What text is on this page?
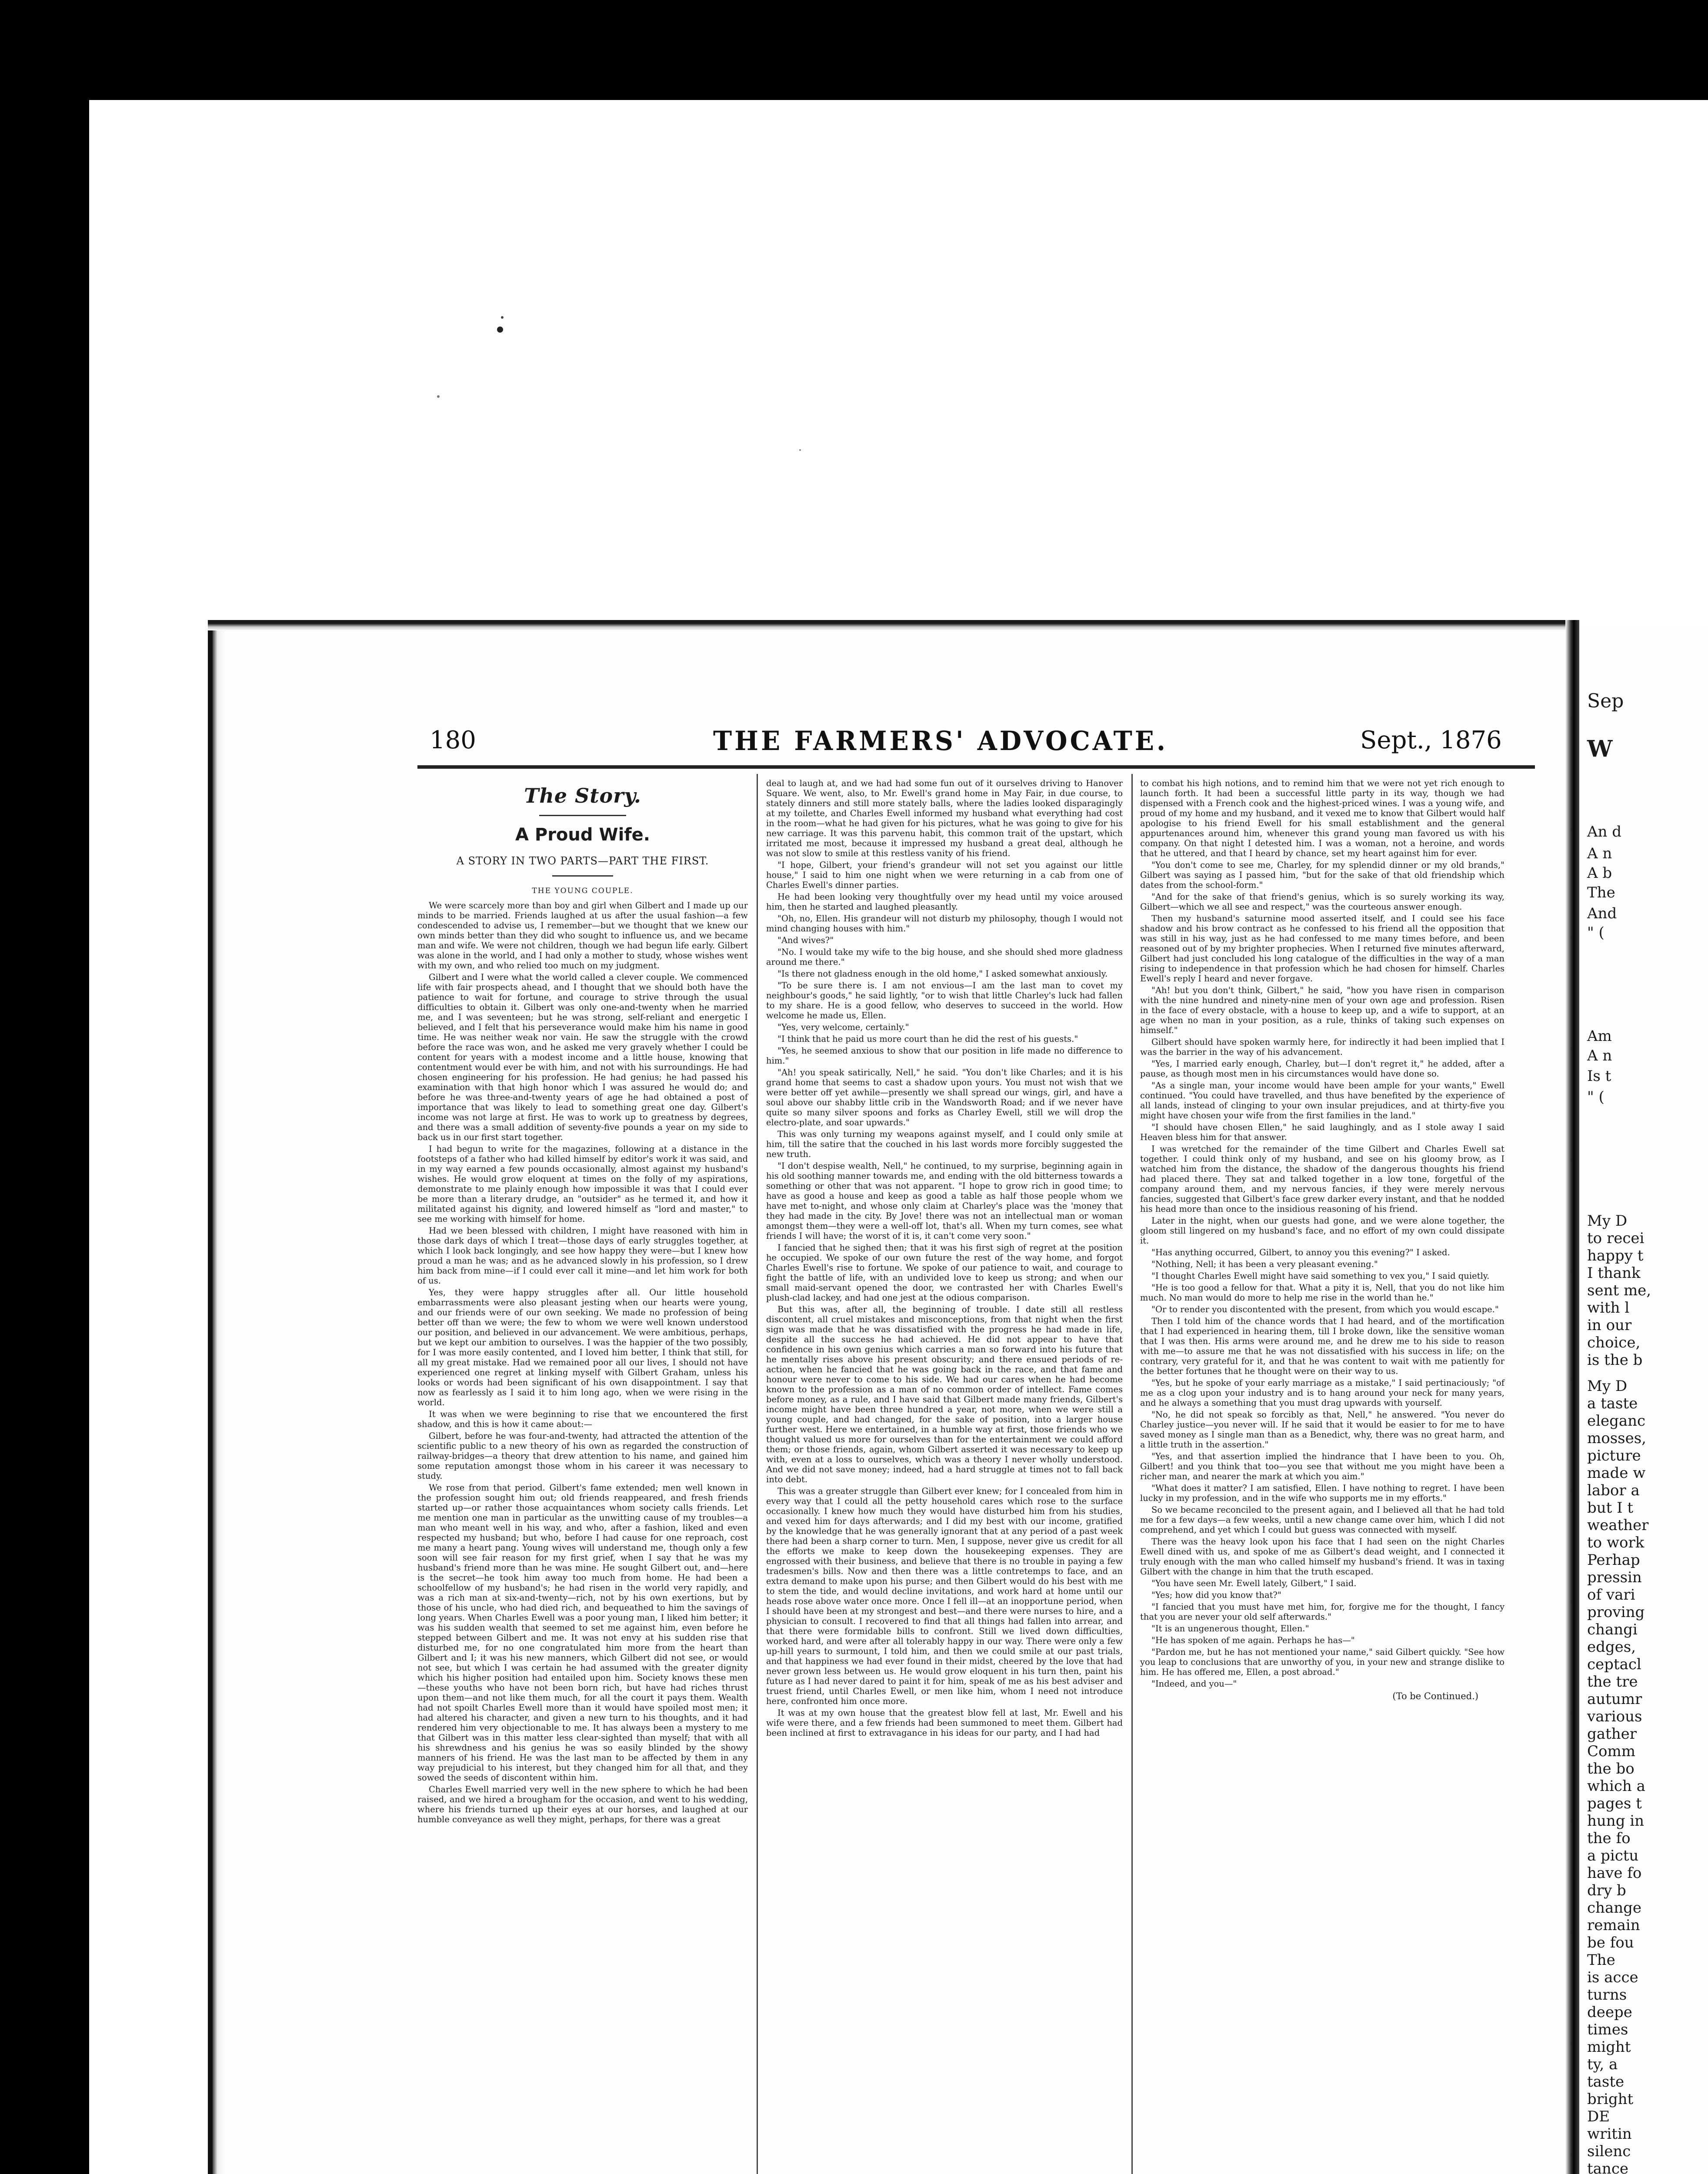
180	THE FARMERS' ADVOCATE.	Sept., 1876
The Story.
A Proud Wife.
A STORY IN TWO PARTS—PART THE FIRST.
THE YOUNG COUPLE.

We were scarcely more than boy and girl when Gilbert and I made up our minds to be married. Friends laughed at us after the usual fashion—a few condescended to advise us, I remember—but we thought that we knew our own minds better than they did who sought to influence us, and we became man and wife. We were not children, though we had begun life early. Gilbert was alone in the world, and I had only a mother to study, whose wishes went with my own, and who relied too much on my judgment.

Gilbert and I were what the world called a clever couple. We commenced life with fair prospects ahead, and I thought that we should both have the patience to wait for fortune, and courage to strive through the usual difficulties to obtain it. Gilbert was only one-and-twenty when he married me, and I was seventeen; but he was strong, self-reliant and energetic I believed, and I felt that his perseverance would make him his name in good time. He was neither weak nor vain. He saw the struggle with the crowd before the race was won, and he asked me very gravely whether I could be content for years with a modest income and a little house, knowing that contentment would ever be with him, and not with his surroundings. He had chosen engineering for his profession. He had genius; he had passed his examination with that high honor which I was assured he would do; and before he was three-and-twenty years of age he had obtained a post of importance that was likely to lead to something great one day. Gilbert's income was not large at first. He was to work up to greatness by degrees, and there was a small addition of seventy-five pounds a year on my side to back us in our first start together.

I had begun to write for the magazines, following at a distance in the footsteps of a father who had killed himself by editor's work it was said, and in my way earned a few pounds occasionally, almost against my husband's wishes. He would grow eloquent at times on the folly of my aspirations, demonstrate to me plainly enough how impossible it was that I could ever be more than a literary drudge, an "outsider" as he termed it, and how it militated against his dignity, and lowered himself as "lord and master," to see me working with himself for home.

Had we been blessed with children, I might have reasoned with him in those dark days of which I treat—those days of early struggles together, at which I look back longingly, and see how happy they were—but I knew how proud a man he was; and as he advanced slowly in his profession, so I drew him back from mine—if I could ever call it mine—and let him work for both of us.

Yes, they were happy struggles after all. Our little household embarrassments were also pleasant jesting when our hearts were young, and our friends were of our own seeking. We made no profession of being better off than we were; the few to whom we were well known understood our position, and believed in our advancement. We were ambitious, perhaps, but we kept our ambition to ourselves. I was the happier of the two possibly, for I was more easily contented, and I loved him better, I think that still, for all my great mistake. Had we remained poor all our lives, I should not have experienced one regret at linking myself with Gilbert Graham, unless his looks or words had been significant of his own disappointment. I say that now as fearlessly as I said it to him long ago, when we were rising in the world.

It was when we were beginning to rise that we encountered the first shadow, and this is how it came about:—

Gilbert, before he was four-and-twenty, had attracted the attention of the scientific public to a new theory of his own as regarded the construction of railway-bridges—a theory that drew attention to his name, and gained him some reputation amongst those whom in his career it was necessary to study.

We rose from that period. Gilbert's fame extended; men well known in the profession sought him out; old friends reappeared, and fresh friends started up—or rather those acquaintances whom society calls friends. Let me mention one man in particular as the unwitting cause of my troubles—a man who meant well in his way, and who, after a fashion, liked and even respected my husband; but who, before I had cause for one reproach, cost me many a heart pang. Young wives will understand me, though only a few soon will see fair reason for my first grief, when I say that he was my husband's friend more than he was mine. He sought Gilbert out, and—here is the secret—he took him away too much from home. He had been a schoolfellow of my husband's; he had risen in the world very rapidly, and was a rich man at six-and-twenty—rich, not by his own exertions, but by those of his uncle, who had died rich, and bequeathed to him the savings of long years. When Charles Ewell was a poor young man, I liked him better; it was his sudden wealth that seemed to set me against him, even before he stepped between Gilbert and me. It was not envy at his sudden rise that disturbed me, for no one congratulated him more from the heart than Gilbert and I; it was his new manners, which Gilbert did not see, or would not see, but which I was certain he had assumed with the greater dignity which his higher position had entailed upon him. Society knows these men—these youths who have not been born rich, but have had riches thrust upon them—and not like them much, for all the court it pays them. Wealth had not spoilt Charles Ewell more than it would have spoiled most men; it had altered his character, and given a new turn to his thoughts, and it had rendered him very objectionable to me. It has always been a mystery to me that Gilbert was in this matter less clear-sighted than myself; that with all his shrewdness and his genius he was so easily blinded by the showy manners of his friend. He was the last man to be affected by them in any way prejudicial to his interest, but they changed him for all that, and they sowed the seeds of discontent within him.

Charles Ewell married very well in the new sphere to which he had been raised, and we hired a brougham for the occasion, and went to his wedding, where his friends turned up their eyes at our horses, and laughed at our humble conveyance as well they might, perhaps, for there was a great

deal to laugh at, and we had had some fun out of it ourselves driving to Hanover Square. We went, also, to Mr. Ewell's grand home in May Fair, in due course, to stately dinners and still more stately balls, where the ladies looked disparagingly at my toilette, and Charles Ewell informed my husband what everything had cost in the room—what he had given for his pictures, what he was going to give for his new carriage. It was this parvenu habit, this common trait of the upstart, which irritated me most, because it impressed my husband a great deal, although he was not slow to smile at this restless vanity of his friend.

"I hope, Gilbert, your friend's grandeur will not set you against our little house," I said to him one night when we were returning in a cab from one of Charles Ewell's dinner parties.

He had been looking very thoughtfully over my head until my voice aroused him, then he started and laughed pleasantly.

"Oh, no, Ellen. His grandeur will not disturb my philosophy, though I would not mind changing houses with him."

"And wives?"

"No. I would take my wife to the big house, and she should shed more gladness around me there."

"Is there not gladness enough in the old home," I asked somewhat anxiously.

"To be sure there is. I am not envious—I am the last man to covet my neighbour's goods," he said lightly, "or to wish that little Charley's luck had fallen to my share. He is a good fellow, who deserves to succeed in the world. How welcome he made us, Ellen.

"Yes, very welcome, certainly."

"I think that he paid us more court than he did the rest of his guests."

"Yes, he seemed anxious to show that our position in life made no difference to him."

"Ah! you speak satirically, Nell," he said. "You don't like Charles; and it is his grand home that seems to cast a shadow upon yours. You must not wish that we were better off yet awhile—presently we shall spread our wings, girl, and have a soul above our shabby little crib in the Wandsworth Road; and if we never have quite so many silver spoons and forks as Charley Ewell, still we will drop the electro-plate, and soar upwards."

This was only turning my weapons against myself, and I could only smile at him, till the satire that the couched in his last words more forcibly suggested the new truth.

"I don't despise wealth, Nell," he continued, to my surprise, beginning again in his old soothing manner towards me, and ending with the old bitterness towards a something or other that was not apparent. "I hope to grow rich in good time; to have as good a house and keep as good a table as half those people whom we have met to-night, and whose only claim at Charley's place was the 'money that they had made in the city. By Jove! there was not an intellectual man or woman amongst them—they were a well-off lot, that's all. When my turn comes, see what friends I will have; the worst of it is, it can't come very soon."

I fancied that he sighed then; that it was his first sigh of regret at the position he occupied. We spoke of our own future the rest of the way home, and forgot Charles Ewell's rise to fortune. We spoke of our patience to wait, and courage to fight the battle of life, with an undivided love to keep us strong; and when our small maid-servant opened the door, we contrasted her with Charles Ewell's plush-clad lackey, and had one jest at the odious comparison.

But this was, after all, the beginning of trouble. I date still all restless discontent, all cruel mistakes and misconceptions, from that night when the first sign was made that he was dissatisfied with the progress he had made in life, despite all the success he had achieved. He did not appear to have that confidence in his own genius which carries a man so forward into his future that he mentally rises above his present obscurity; and there ensued periods of re-action, when he fancied that he was going back in the race, and that fame and honour were never to come to his side. We had our cares when he had become known to the profession as a man of no common order of intellect. Fame comes before money, as a rule, and I have said that Gilbert made many friends, Gilbert's income might have been three hundred a year, not more, when we were still a young couple, and had changed, for the sake of position, into a larger house further west. Here we entertained, in a humble way at first, those friends who we thought valued us more for ourselves than for the entertainment we could afford them; or those friends, again, whom Gilbert asserted it was necessary to keep up with, even at a loss to ourselves, which was a theory I never wholly understood. And we did not save money; indeed, had a hard struggle at times not to fall back into debt.

This was a greater struggle than Gilbert ever knew; for I concealed from him in every way that I could all the petty household cares which rose to the surface occasionally. I knew how much they would have disturbed him from his studies, and vexed him for days afterwards; and I did my best with our income, gratified by the knowledge that he was generally ignorant that at any period of a past week there had been a sharp corner to turn. Men, I suppose, never give us credit for all the efforts we make to keep down the housekeeping expenses. They are engrossed with their business, and believe that there is no trouble in paying a few tradesmen's bills. Now and then there was a little contretemps to face, and an extra demand to make upon his purse; and then Gilbert would do his best with me to stem the tide, and would decline invitations, and work hard at home until our heads rose above water once more. Once I fell ill—at an inopportune period, when I should have been at my strongest and best—and there were nurses to hire, and a physician to consult. I recovered to find that all things had fallen into arrear, and that there were formidable bills to confront. Still we lived down difficulties, worked hard, and were after all tolerably happy in our way. There were only a few up-hill years to surmount, I told him, and then we could smile at our past trials, and that happiness we had ever found in their midst, cheered by the love that had never grown less between us. He would grow eloquent in his turn then, paint his future as I had never dared to paint it for him, speak of me as his best adviser and truest friend, until Charles Ewell, or men like him, whom I need not introduce here, confronted him once more.

It was at my own house that the greatest blow fell at last, Mr. Ewell and his wife were there, and a few friends had been summoned to meet them. Gilbert had been inclined at first to extravagance in his ideas for our party, and I had had

to combat his high notions, and to remind him that we were not yet rich enough to launch forth. It had been a successful little party in its way, though we had dispensed with a French cook and the highest-priced wines. I was a young wife, and proud of my home and my husband, and it vexed me to know that Gilbert would half apologise to his friend Ewell for his small establishment and the general appurtenances around him, whenever this grand young man favored us with his company. On that night I detested him. I was a woman, not a heroine, and words that he uttered, and that I heard by chance, set my heart against him for ever.

"You don't come to see me, Charley, for my splendid dinner or my old brands," Gilbert was saying as I passed him, "but for the sake of that old friendship which dates from the school-form."

"And for the sake of that friend's genius, which is so surely working its way, Gilbert—which we all see and respect," was the courteous answer enough.

Then my husband's saturnine mood asserted itself, and I could see his face shadow and his brow contract as he confessed to his friend all the opposition that was still in his way, just as he had confessed to me many times before, and been reasoned out of by my brighter prophecies. When I returned five minutes afterward, Gilbert had just concluded his long catalogue of the difficulties in the way of a man rising to independence in that profession which he had chosen for himself. Charles Ewell's reply I heard and never forgave.

"Ah! but you don't think, Gilbert," he said, "how you have risen in comparison with the nine hundred and ninety-nine men of your own age and profession. Risen in the face of every obstacle, with a house to keep up, and a wife to support, at an age when no man in your position, as a rule, thinks of taking such expenses on himself."

Gilbert should have spoken warmly here, for indirectly it had been implied that I was the barrier in the way of his advancement.

"Yes, I married early enough, Charley, but—I don't regret it," he added, after a pause, as though most men in his circumstances would have done so.

"As a single man, your income would have been ample for your wants," Ewell continued. "You could have travelled, and thus have benefited by the experience of all lands, instead of clinging to your own insular prejudices, and at thirty-five you might have chosen your wife from the first families in the land."

"I should have chosen Ellen," he said laughingly, and as I stole away I said Heaven bless him for that answer.

I was wretched for the remainder of the time Gilbert and Charles Ewell sat together. I could think only of my husband, and see on his gloomy brow, as I watched him from the distance, the shadow of the dangerous thoughts his friend had placed there. They sat and talked together in a low tone, forgetful of the company around them, and my nervous fancies, if they were merely nervous fancies, suggested that Gilbert's face grew darker every instant, and that he nodded his head more than once to the insidious reasoning of his friend.

Later in the night, when our guests had gone, and we were alone together, the gloom still lingered on my husband's face, and no effort of my own could dissipate it.

"Has anything occurred, Gilbert, to annoy you this evening?" I asked.

"Nothing, Nell; it has been a very pleasant evening."

"I thought Charles Ewell might have said something to vex you," I said quietly.

"He is too good a fellow for that. What a pity it is, Nell, that you do not like him much. No man would do more to help me rise in the world than he."

"Or to render you discontented with the present, from which you would escape."

Then I told him of the chance words that I had heard, and of the mortification that I had experienced in hearing them, till I broke down, like the sensitive woman that I was then. His arms were around me, and he drew me to his side to reason with me—to assure me that he was not dissatisfied with his success in life; on the contrary, very grateful for it, and that he was content to wait with me patiently for the better fortunes that he thought were on their way to us.

"Yes, but he spoke of your early marriage as a mistake," I said pertinaciously; "of me as a clog upon your industry and is to hang around your neck for many years, and he always a something that you must drag upwards with yourself.

"No, he did not speak so forcibly as that, Nell," he answered. "You never do Charley justice—you never will. If he said that it would be easier to for me to have saved money as I single man than as a Benedict, why, there was no great harm, and a little truth in the assertion."

"Yes, and that assertion implied the hindrance that I have been to you. Oh, Gilbert! and you think that too—you see that without me you might have been a richer man, and nearer the mark at which you aim."

"What does it matter? I am satisfied, Ellen. I have nothing to regret. I have been lucky in my profession, and in the wife who supports me in my efforts."

So we became reconciled to the present again, and I believed all that he had told me for a few days—a few weeks, until a new change came over him, which I did not comprehend, and yet which I could but guess was connected with myself.

There was the heavy look upon his face that I had seen on the night Charles Ewell dined with us, and spoke of me as Gilbert's dead weight, and I connected it truly enough with the man who called himself my husband's friend. It was in taxing Gilbert with the change in him that the truth escaped.

"You have seen Mr. Ewell lately, Gilbert," I said.

"Yes; how did you know that?"

"I fancied that you must have met him, for, forgive me for the thought, I fancy that you are never your old self afterwards."

"It is an ungenerous thought, Ellen."

"He has spoken of me again. Perhaps he has—"

"Pardon me, but he has not mentioned your name," said Gilbert quickly. "See how you leap to conclusions that are unworthy of you, in your new and strange dislike to him. He has offered me, Ellen, a post abroad."

"Indeed, and you—"

(To be Continued.)
Sep
W
An d
A n
A b
The
And
" (
Am
A n
Is t
" (
My D
to recei
happy t
I thank
sent me,
with l
in our
choice,
is the b
My D
a taste
eleganc
mosses,
picture
made w
labor a
but I t
weather
to work
Perhap
pressin
of vari
proving
changi
edges,
ceptacl
the tre
autumr
various
gather
Comm
the bo
which a
pages t
hung in
the fo
a pictu
have fo
dry b
change
remain
be fou
The
is acce
turns
deepe
times
might
ty, a
taste
bright
DE
writin
silenc
tance
